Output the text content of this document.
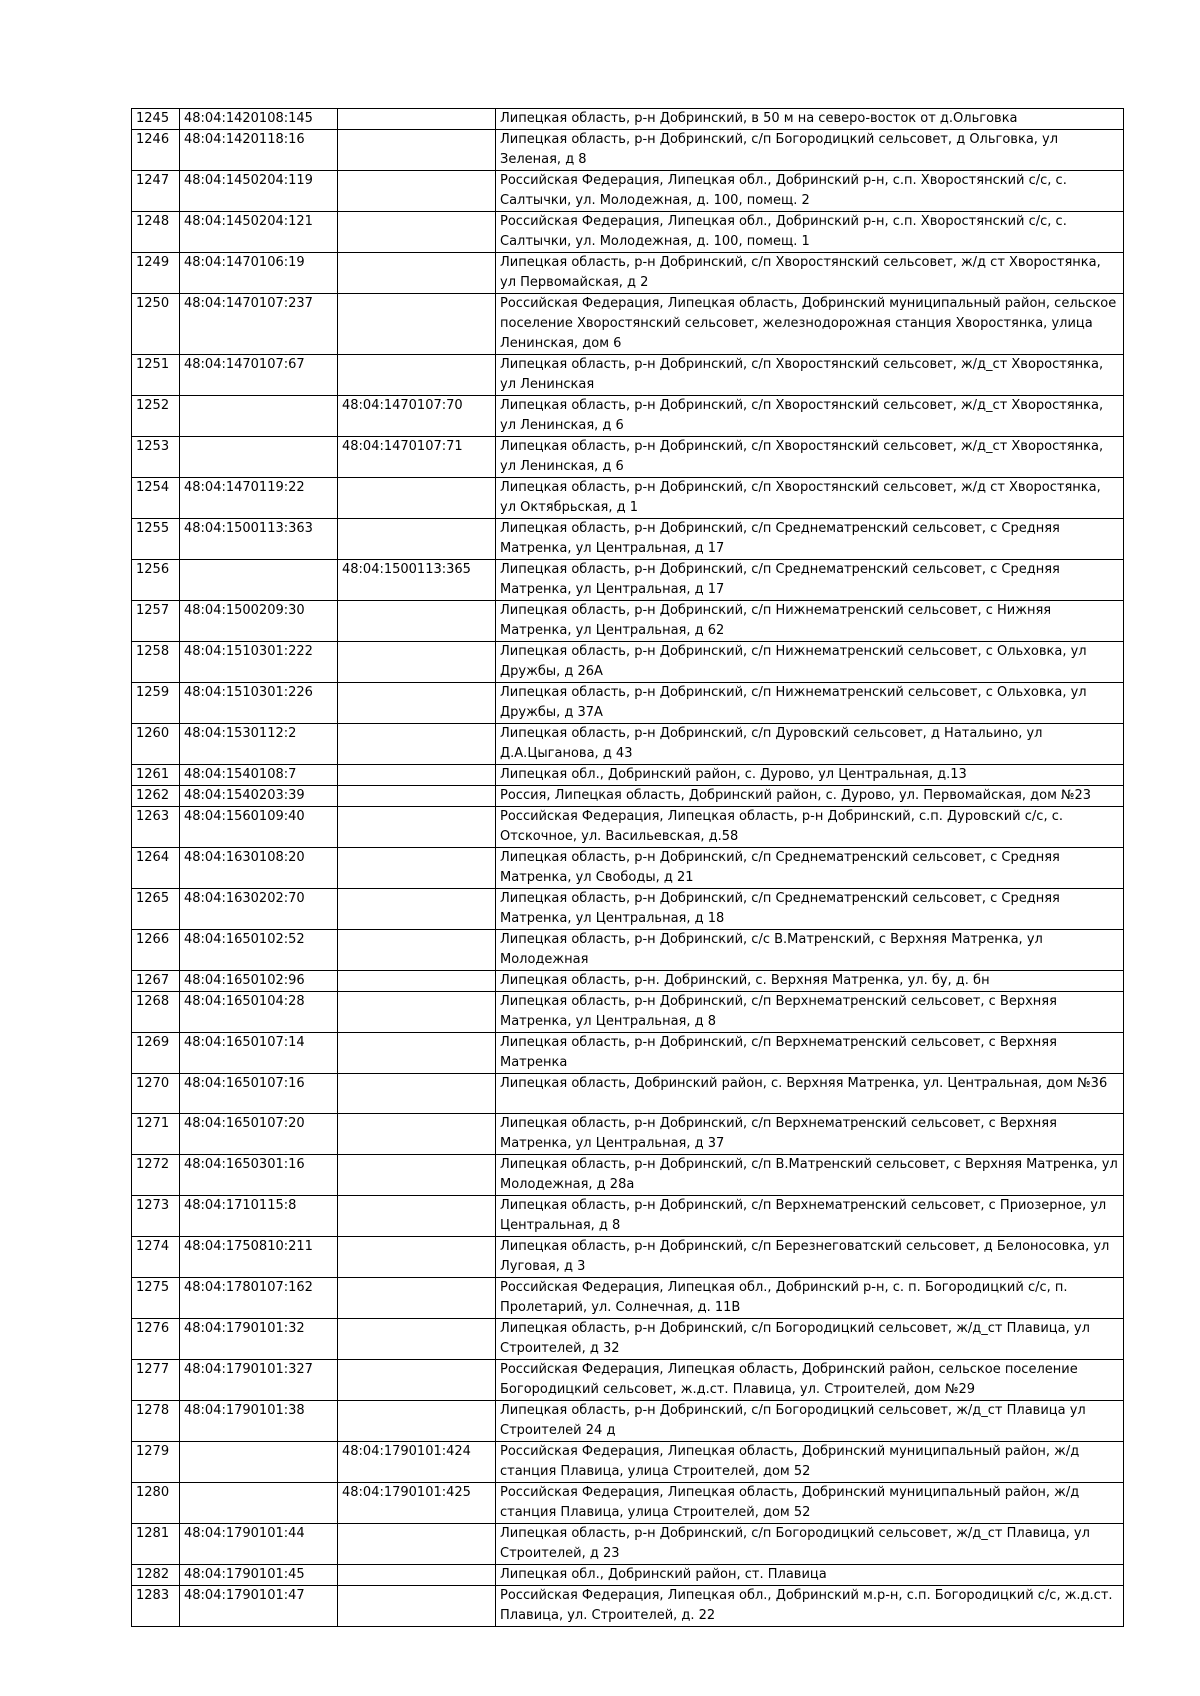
1245	48:04:1420108:145		Липецкая область, р-н Добринский, в 50 м на северо-восток от д.Ольговка
1246	48:04:1420118:16		Липецкая область, р-н Добринский, с/п Богородицкий сельсовет, д Ольговка, ул Зеленая, д 8
1247	48:04:1450204:119		Российская Федерация, Липецкая обл., Добринский р-н, с.п. Хворостянский с/с, с. Салтычки, ул. Молодежная, д. 100, помещ. 2
1248	48:04:1450204:121		Российская Федерация, Липецкая обл., Добринский р-н, с.п. Хворостянский с/с, с. Салтычки, ул. Молодежная, д. 100, помещ. 1
1249	48:04:1470106:19		Липецкая область, р-н Добринский, с/п Хворостянский сельсовет, ж/д ст Хворостянка, ул Первомайская, д 2
1250	48:04:1470107:237		Российская Федерация, Липецкая область, Добринский муниципальный район, сельское поселение Хворостянский сельсовет, железнодорожная станция Хворостянка, улица Ленинская, дом 6
1251	48:04:1470107:67		Липецкая область, р-н Добринский, с/п Хворостянский сельсовет, ж/д_ст Хворостянка, ул Ленинская
1252		48:04:1470107:70	Липецкая область, р-н Добринский, с/п Хворостянский сельсовет, ж/д_ст Хворостянка, ул Ленинская, д 6
1253		48:04:1470107:71	Липецкая область, р-н Добринский, с/п Хворостянский сельсовет, ж/д_ст Хворостянка, ул Ленинская, д 6
1254	48:04:1470119:22		Липецкая область, р-н Добринский, с/п Хворостянский сельсовет, ж/д ст Хворостянка, ул Октябрьская, д 1
1255	48:04:1500113:363		Липецкая область, р-н Добринский, с/п Среднематренский сельсовет, с Средняя Матренка, ул Центральная, д 17
1256		48:04:1500113:365	Липецкая область, р-н Добринский, с/п Среднематренский сельсовет, с Средняя Матренка, ул Центральная, д 17
1257	48:04:1500209:30		Липецкая область, р-н Добринский, с/п Нижнематренский сельсовет, с Нижняя Матренка, ул Центральная, д 62
1258	48:04:1510301:222		Липецкая область, р-н Добринский, с/п Нижнематренский сельсовет, с Ольховка, ул Дружбы, д 26А
1259	48:04:1510301:226		Липецкая область, р-н Добринский, с/п Нижнематренский сельсовет, с Ольховка, ул Дружбы, д 37А
1260	48:04:1530112:2		Липецкая область, р-н Добринский, с/п Дуровский сельсовет, д Натальино, ул Д.А.Цыганова, д 43
1261	48:04:1540108:7		Липецкая обл., Добринский район, с. Дурово, ул Центральная, д.13
1262	48:04:1540203:39		Россия, Липецкая область, Добринский район, с. Дурово, ул. Первомайская, дом №23
1263	48:04:1560109:40		Российская Федерация, Липецкая область, р-н Добринский, с.п. Дуровский с/с, с. Отскочное, ул. Васильевская, д.58
1264	48:04:1630108:20		Липецкая область, р-н Добринский, с/п Среднематренский сельсовет, с Средняя Матренка, ул Свободы, д 21
1265	48:04:1630202:70		Липецкая область, р-н Добринский, с/п Среднематренский сельсовет, с Средняя Матренка, ул Центральная, д 18
1266	48:04:1650102:52		Липецкая область, р-н Добринский, с/с В.Матренский, с Верхняя Матренка, ул Молодежная
1267	48:04:1650102:96		Липецкая область, р-н. Добринский, с. Верхняя Матренка, ул. бу, д. бн
1268	48:04:1650104:28		Липецкая область, р-н Добринский, с/п Верхнематренский сельсовет, с Верхняя Матренка, ул Центральная, д 8
1269	48:04:1650107:14		Липецкая область, р-н Добринский, с/п Верхнематренский сельсовет, с Верхняя Матренка
1270	48:04:1650107:16		Липецкая область, Добринский район, с. Верхняя Матренка, ул. Центральная, дом №36
1271	48:04:1650107:20		Липецкая область, р-н Добринский, с/п Верхнематренский сельсовет, с Верхняя Матренка, ул Центральная, д 37
1272	48:04:1650301:16		Липецкая область, р-н Добринский, с/п В.Матренский сельсовет, с Верхняя Матренка, ул Молодежная, д 28а
1273	48:04:1710115:8		Липецкая область, р-н Добринский, с/п Верхнематренский сельсовет, с Приозерное, ул Центральная, д 8
1274	48:04:1750810:211		Липецкая область, р-н Добринский, с/п Березнеговатский сельсовет, д Белоносовка, ул Луговая, д 3
1275	48:04:1780107:162		Российская Федерация, Липецкая обл., Добринский р-н, с. п. Богородицкий с/с, п. Пролетарий, ул. Солнечная, д. 11В
1276	48:04:1790101:32		Липецкая область, р-н Добринский, с/п Богородицкий сельсовет, ж/д_ст Плавица, ул Строителей, д 32
1277	48:04:1790101:327		Российская Федерация, Липецкая область, Добринский район, сельское поселение Богородицкий сельсовет, ж.д.ст. Плавица, ул. Строителей, дом №29
1278	48:04:1790101:38		Липецкая область, р-н Добринский, с/п Богородицкий сельсовет, ж/д_ст Плавица ул Строителей 24 д
1279		48:04:1790101:424	Российская Федерация, Липецкая область, Добринский муниципальный район, ж/д станция Плавица, улица Строителей, дом 52
1280		48:04:1790101:425	Российская Федерация, Липецкая область, Добринский муниципальный район, ж/д станция Плавица, улица Строителей, дом 52
1281	48:04:1790101:44		Липецкая область, р-н Добринский, с/п Богородицкий сельсовет, ж/д_ст Плавица, ул Строителей, д 23
1282	48:04:1790101:45		Липецкая обл., Добринский район, ст. Плавица
1283	48:04:1790101:47		Российская Федерация, Липецкая обл., Добринский м.р-н, с.п. Богородицкий с/с, ж.д.ст. Плавица, ул. Строителей, д. 22
